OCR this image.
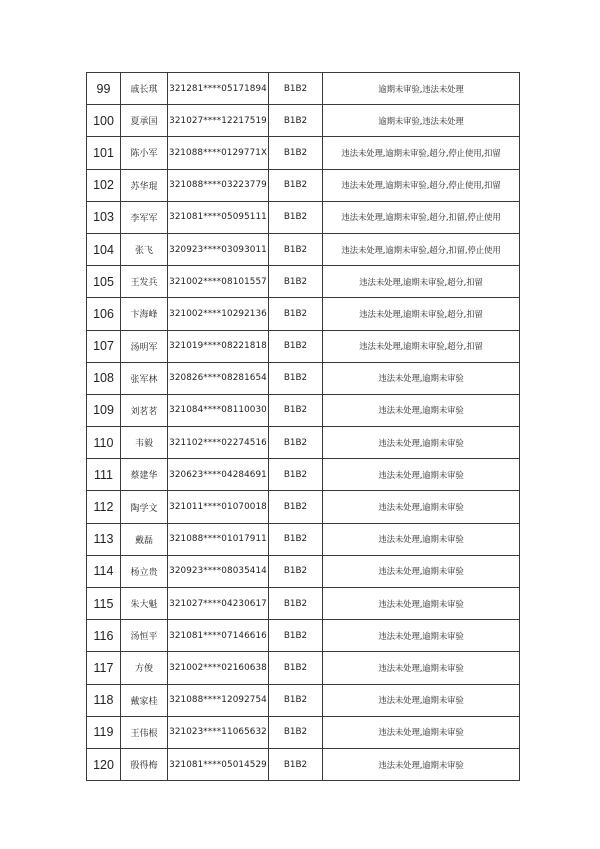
99	戚长琪	321281****05171894	B1B2	逾期未审验,违法未处理
100	夏承国	321027****12217519	B1B2	逾期未审验,违法未处理
101	陈小军	321088****0129771X	B1B2	违法未处理,逾期未审验,超分,停止使用,扣留
102	苏华琨	321088****03223779	B1B2	违法未处理,逾期未审验,超分,停止使用,扣留
103	李军军	321081****05095111	B1B2	违法未处理,逾期未审验,超分,扣留,停止使用
104	张飞	320923****03093011	B1B2	违法未处理,逾期未审验,超分,扣留,停止使用
105	王发兵	321002****08101557	B1B2	违法未处理,逾期未审验,超分,扣留
106	卞海峰	321002****10292136	B1B2	违法未处理,逾期未审验,超分,扣留
107	汤明军	321019****08221818	B1B2	违法未处理,逾期未审验,超分,扣留
108	张军林	320826****08281654	B1B2	违法未处理,逾期未审验
109	刘茗茗	321084****08110030	B1B2	违法未处理,逾期未审验
110	韦毅	321102****02274516	B1B2	违法未处理,逾期未审验
111	蔡建华	320623****04284691	B1B2	违法未处理,逾期未审验
112	陶学文	321011****01070018	B1B2	违法未处理,逾期未审验
113	戴磊	321088****01017911	B1B2	违法未处理,逾期未审验
114	杨立贵	320923****08035414	B1B2	违法未处理,逾期未审验
115	朱大魁	321027****04230617	B1B2	违法未处理,逾期未审验
116	汤恒平	321081****07146616	B1B2	违法未处理,逾期未审验
117	方俊	321002****02160638	B1B2	违法未处理,逾期未审验
118	戴家桂	321088****12092754	B1B2	违法未处理,逾期未审验
119	王伟根	321023****11065632	B1B2	违法未处理,逾期未审验
120	殷得梅	321081****05014529	B1B2	违法未处理,逾期未审验
